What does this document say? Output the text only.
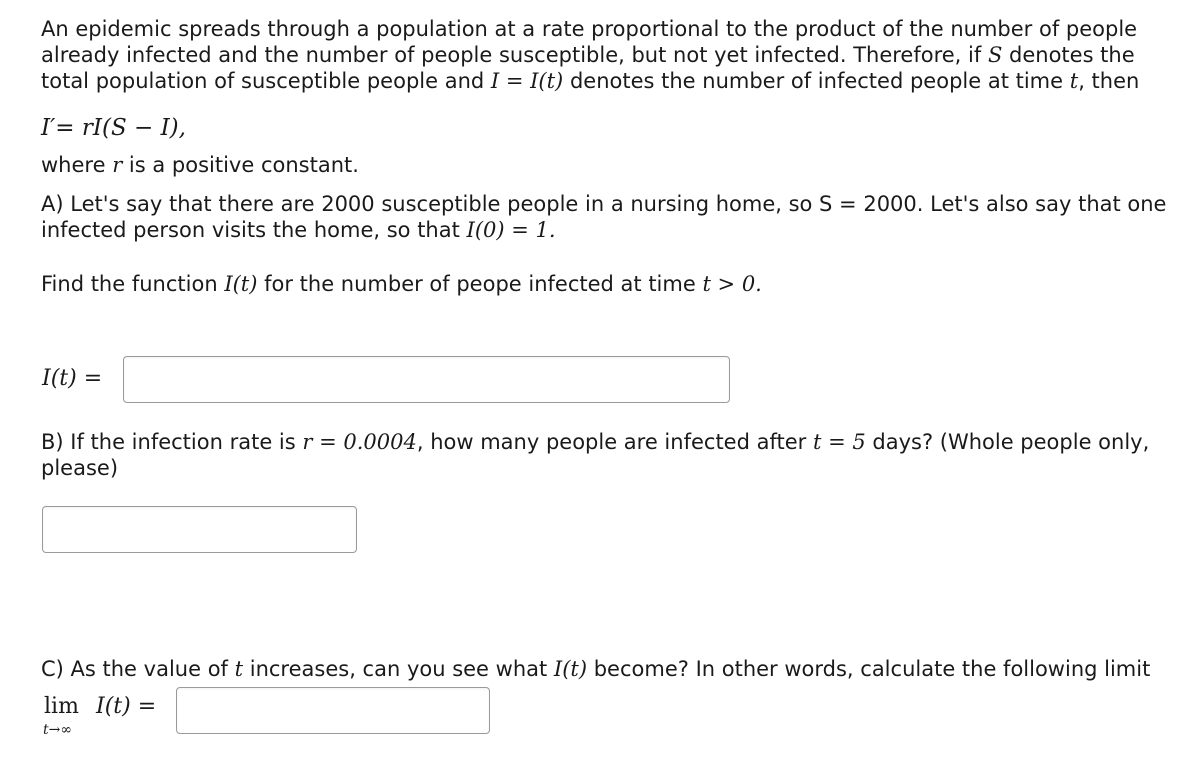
An epidemic spreads through a population at a rate proportional to the product of the number of people

already infected and the number of people susceptible, but not yet infected. Therefore, if S denotes the

total population of susceptible people and I = I(t) denotes the number of infected people at time t, then

I′= rI(S − I),

where r is a positive constant.

A) Let's say that there are 2000 susceptible people in a nursing home, so S = 2000. Let's also say that one

infected person visits the home, so that I(0) = 1.

Find the function I(t) for the number of peope infected at time t > 0.

I(t) =

B) If the infection rate is r = 0.0004, how many people are infected after t = 5 days? (Whole people only,

please)

C) As the value of t increases, can you see what I(t) become? In other words, calculate the following limit

lim I(t) =
t→∞
